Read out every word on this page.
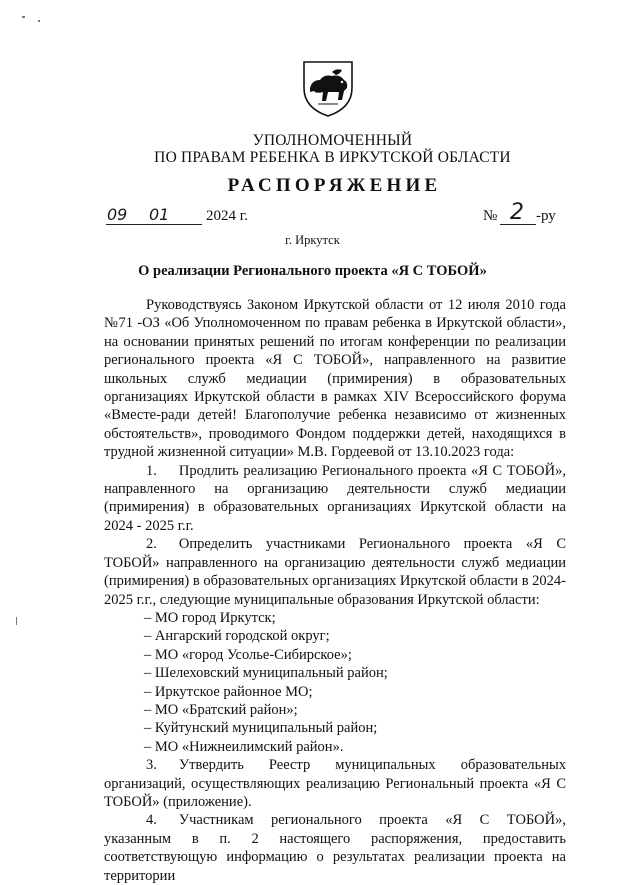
УПОЛНОМОЧЕННЫЙ
ПО ПРАВАМ РЕБЕНКА В ИРКУТСКОЙ ОБЛАСТИ
РАСПОРЯЖЕНИЕ
09 01 2024 г.	№ 2 -ру
г. Иркутск
О реализации Регионального проекта «Я С ТОБОЙ»

Руководствуясь Законом Иркутской области от 12 июля 2010 года №71 -ОЗ «Об Уполномоченном по правам ребенка в Иркутской области», на основании принятых решений по итогам конференции по реализации регионального проекта «Я С ТОБОЙ», направленного на развитие школьных служб медиации (примирения) в образовательных организациях Иркутской области в рамках XIV Всероссийского форума «Вместе-ради детей! Благополучие ребенка независимо от жизненных обстоятельств», проводимого Фондом поддержки детей, находящихся в трудной жизненной ситуации» М.В. Гордеевой от 13.10.2023 года:

1. Продлить реализацию Регионального проекта «Я С ТОБОЙ», направленного на организацию деятельности служб медиации (примирения) в образовательных организациях Иркутской области на 2024 - 2025 г.г.

2. Определить участниками Регионального проекта «Я С ТОБОЙ» направленного на организацию деятельности служб медиации (примирения) в образовательных организациях Иркутской области в 2024-2025 г.г., следующие муниципальные образования Иркутской области:

– МО город Иркутск;
– Ангарский городской округ;
– МО «город Усолье-Сибирское»;
– Шелеховский муниципальный район;
– Иркутское районное МО;
– МО «Братский район»;
– Куйтунский муниципальный район;
– МО «Нижнеилимский район».

3. Утвердить Реестр муниципальных образовательных организаций, осуществляющих реализацию Региональный проекта «Я С ТОБОЙ» (приложение).

4. Участникам регионального проекта «Я С ТОБОЙ», указанным в п. 2 настоящего распоряжения, предоставить соответствующую информацию о результатах реализации проекта на территории
